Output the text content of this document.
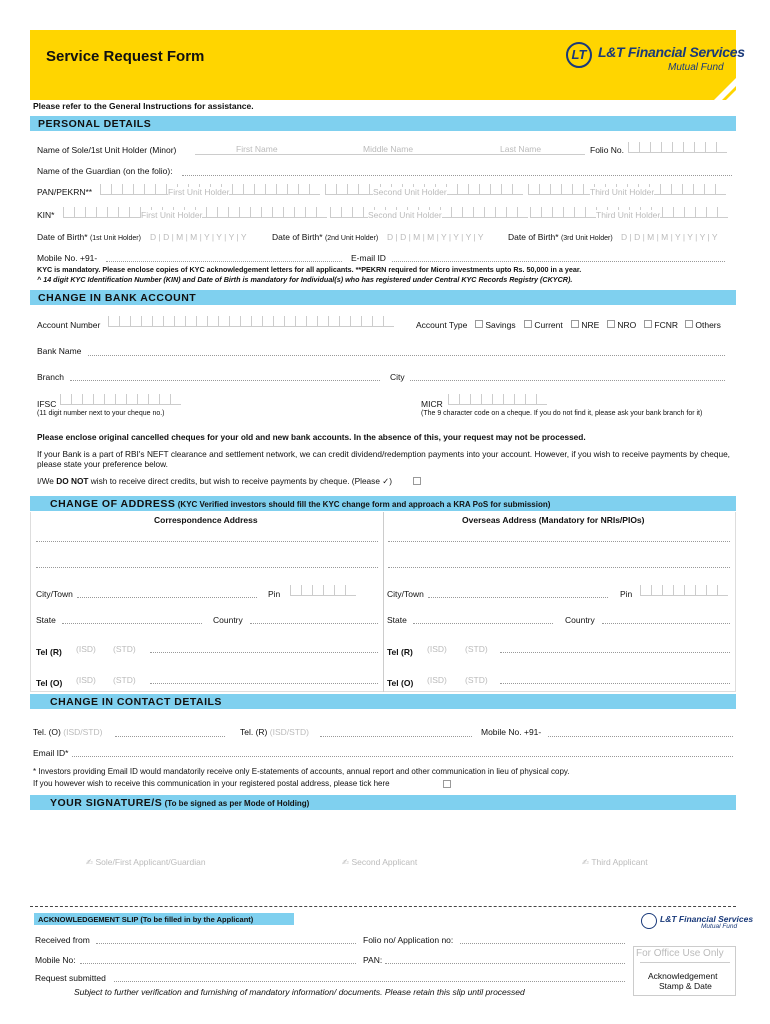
Service Request Form	LT L&T Financial Services
Mutual Fund
Please refer to the General Instructions for assistance.
PERSONAL DETAILS
Name of Sole/1st Unit Holder (Minor)	First Name	Middle Name	Last Name	Folio No.
Name of the Guardian (on the folio):
PAN/PEKRN**	First Unit Holder	Second Unit Holder	Third Unit Holder
KIN*	First Unit Holder	Second Unit Holder	Third Unit Holder
Date of Birth* (1st Unit Holder) D | D | M | M | Y | Y | Y | Y	Date of Birth* (2nd Unit Holder) D | D | M | M | Y | Y | Y | Y	Date of Birth* (3rd Unit Holder) D | D | M | M | Y | Y | Y | Y
Mobile No. +91-	E-mail ID
KYC is mandatory. Please enclose copies of KYC acknowledgement letters for all applicants. **PEKRN required for Micro investments upto Rs. 50,000 in a year.
^ 14 digit KYC Identification Number (KIN) and Date of Birth is mandatory for Individual(s) who has registered under Central KYC Records Registry (CKYCR).
CHANGE IN BANK ACCOUNT
Account Number	Account Type	Savings	Current	NRE	NRO	FCNR	Others
Bank Name
Branch	City
IFSC
(11 digit number next to your cheque no.)
MICR
(The 9 character code on a cheque. If you do not find it, please ask your bank branch for it)
Please enclose original cancelled cheques for your old and new bank accounts. In the absence of this, your request may not be processed.
If your Bank is a part of RBI's NEFT clearance and settlement network, we can credit dividend/redemption payments into your account. However, if you wish to receive payments by cheque, please state your preference below.
I/We DO NOT wish to receive direct credits, but wish to receive payments by cheque. (Please ✓)
CHANGE OF ADDRESS (KYC Verified investors should fill the KYC change form and approach a KRA PoS for submission)
Correspondence Address	Overseas Address (Mandatory for NRIs/PIOs)
City/Town	Pin	City/Town	Pin
State	Country	State	Country
Tel (R) (ISD) (STD)	Tel (R) (ISD) (STD)
Tel (O) (ISD) (STD)	Tel (O) (ISD) (STD)
CHANGE IN CONTACT DETAILS
Tel. (O) (ISD/STD)	Tel. (R) (ISD/STD)	Mobile No. +91-
Email ID*
* Investors providing Email ID would mandatorily receive only E-statements of accounts, annual report and other communication in lieu of physical copy.
If you however wish to receive this communication in your registered postal address, please tick here
YOUR SIGNATURE/S (To be signed as per Mode of Holding)
✍ Sole/First Applicant/Guardian	✍ Second Applicant	✍ Third Applicant
ACKNOWLEDGEMENT SLIP (To be filled in by the Applicant)	L&T Financial Services
Mutual Fund
Received from	Folio no/ Application no:
Mobile No:	PAN:
Request submitted
Subject to further verification and furnishing of mandatory information/ documents. Please retain this slip until processed
For Office Use Only
Acknowledgement
Stamp & Date
